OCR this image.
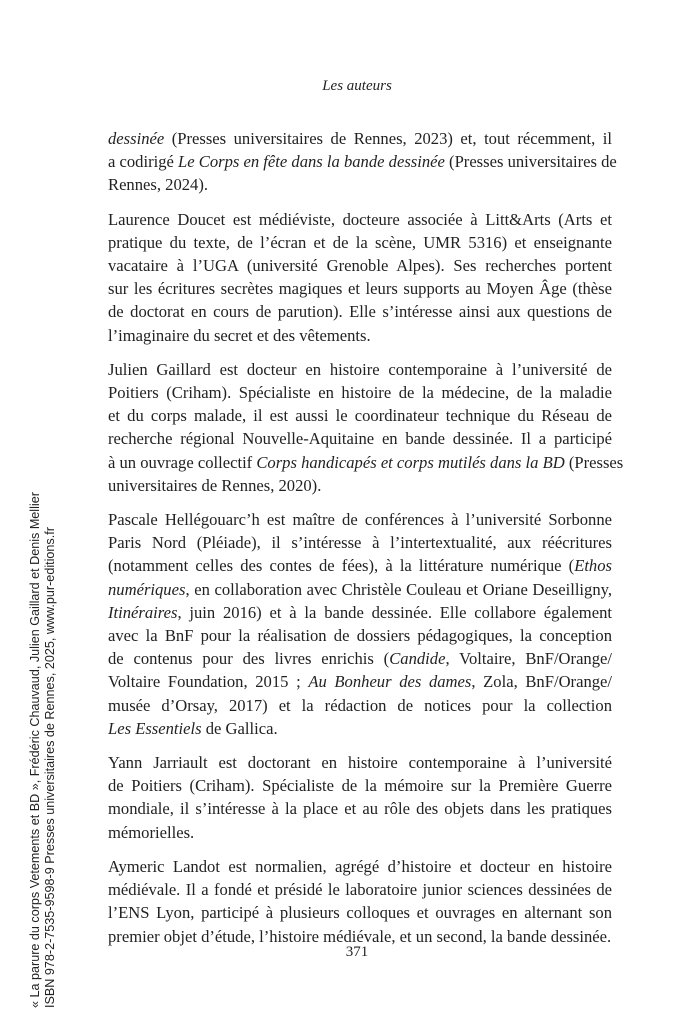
Les auteurs
dessinée (Presses universitaires de Rennes, 2023) et, tout récemment, il
a codirigé Le Corps en fête dans la bande dessinée (Presses universitaires de
Rennes, 2024).
Laurence Doucet est médiéviste, docteure associée à Litt&Arts (Arts et
pratique du texte, de l’écran et de la scène, UMR 5316) et enseignante
vacataire à l’UGA (université Grenoble Alpes). Ses recherches portent
sur les écritures secrètes magiques et leurs supports au Moyen Âge (thèse
de doctorat en cours de parution). Elle s’intéresse ainsi aux questions de
l’imaginaire du secret et des vêtements.
Julien Gaillard est docteur en histoire contemporaine à l’université de
Poitiers (Criham). Spécialiste en histoire de la médecine, de la maladie
et du corps malade, il est aussi le coordinateur technique du Réseau de
recherche régional Nouvelle-Aquitaine en bande dessinée. Il a participé
à un ouvrage collectif Corps handicapés et corps mutilés dans la BD (Presses
universitaires de Rennes, 2020).
Pascale Hellégouarc’h est maître de conférences à l’université Sorbonne
Paris Nord (Pléiade), il s’intéresse à l’intertextualité, aux réécritures
(notamment celles des contes de fées), à la littérature numérique (Ethos
numériques, en collaboration avec Christèle Couleau et Oriane Deseilligny,
Itinéraires, juin 2016) et à la bande dessinée. Elle collabore également
avec la BnF pour la réalisation de dossiers pédagogiques, la conception
de contenus pour des livres enrichis (Candide, Voltaire, BnF/Orange/
Voltaire Foundation, 2015 ; Au Bonheur des dames, Zola, BnF/Orange/
musée d’Orsay, 2017) et la rédaction de notices pour la collection
Les Essentiels de Gallica.
Yann Jarriault est doctorant en histoire contemporaine à l’université
de Poitiers (Criham). Spécialiste de la mémoire sur la Première Guerre
mondiale, il s’intéresse à la place et au rôle des objets dans les pratiques
mémorielles.
Aymeric Landot est normalien, agrégé d’histoire et docteur en histoire
médiévale. Il a fondé et présidé le laboratoire junior sciences dessinées de
l’ENS Lyon, participé à plusieurs colloques et ouvrages en alternant son
premier objet d’étude, l’histoire médiévale, et un second, la bande dessinée.
371
« La parure du corps Vetements et BD », Frédéric Chauvaud, Julien Gaillard et Denis Mellier ISBN 978-2-7535-9598-9 Presses universitaires de Rennes, 2025, www.pur-editions.fr
